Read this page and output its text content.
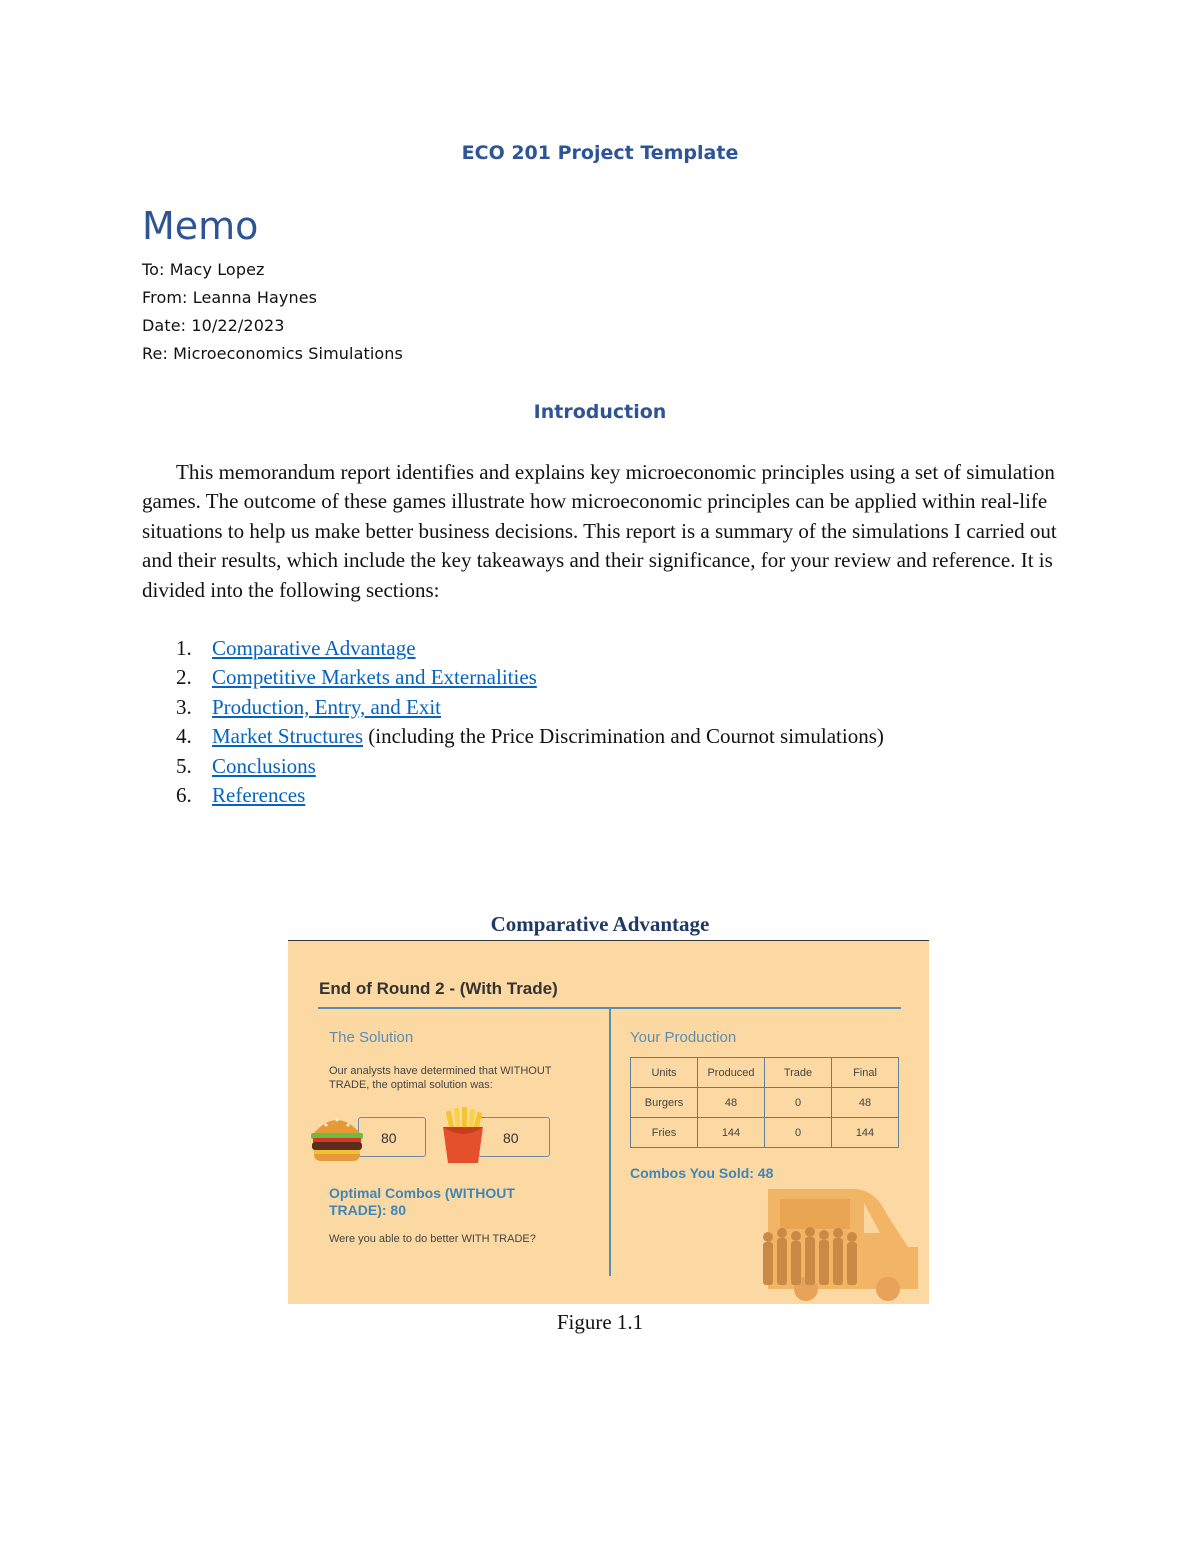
ECO 201 Project Template
Memo
To: Macy Lopez
From: Leanna Haynes
Date: 10/22/2023
Re: Microeconomics Simulations
Introduction

This memorandum report identifies and explains key microeconomic principles using a set of simulation games. The outcome of these games illustrate how microeconomic principles can be applied within real-life situations to help us make better business decisions. This report is a summary of the simulations I carried out and their results, which include the key takeaways and their significance, for your review and reference. It is divided into the following sections:

1. Comparative Advantage
2. Competitive Markets and Externalities
3. Production, Entry, and Exit
4. Market Structures (including the Price Discrimination and Cournot simulations)
5. Conclusions
6. References
Comparative Advantage
End of Round 2 - (With Trade)
The Solution
Our analysts have determined that WITHOUT TRADE, the optimal solution was:
80	80
Optimal Combos (WITHOUT TRADE): 80
Were you able to do better WITH TRADE?
Your Production
Units	Produced	Trade	Final
Burgers	48	0	48
Fries	144	0	144
Combos You Sold: 48
Figure 1.1
